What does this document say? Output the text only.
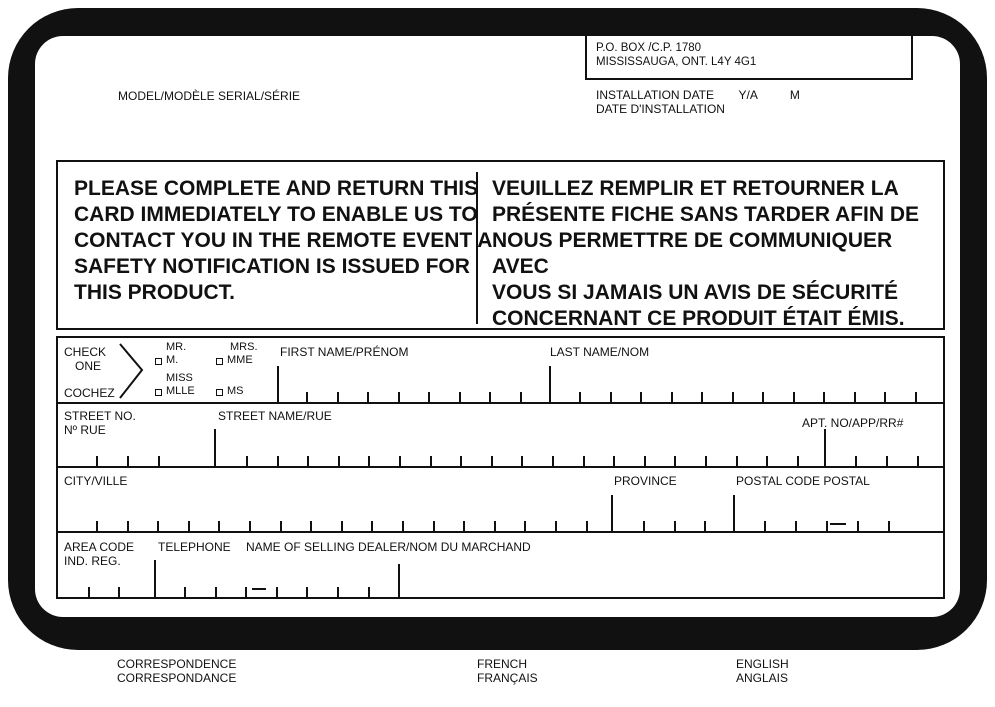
MODEL/MODÈLE SERIAL/SÉRIE
P.O. BOX /C.P. 1780
MISSISSAUGA, ONT. L4Y 4G1
INSTALLATION DATE Y/A	M
DATE D'INSTALLATION
PLEASE COMPLETE AND RETURN THIS
CARD IMMEDIATELY TO ENABLE US TO
CONTACT YOU IN THE REMOTE EVENT A
SAFETY NOTIFICATION IS ISSUED FOR
THIS PRODUCT.
VEUILLEZ REMPLIR ET RETOURNER LA
PRÉSENTE FICHE SANS TARDER AFIN DE
NOUS PERMETTRE DE COMMUNIQUER AVEC
VOUS SI JAMAIS UN AVIS DE SÉCURITÉ
CONCERNANT CE PRODUIT ÉTAIT ÉMIS.
CHECK
ONE
COCHEZ
MR.
M.
MISS
MLLE
MRS.
MME
MS
FIRST NAME/PRÉNOM	LAST NAME/NOM
STREET NO.
Nº RUE
STREET NAME/RUE	APT. NO/APP/RR#
CITY/VILLE	PROVINCE	POSTAL CODE POSTAL
AREA CODE
IND. REG.
TELEPHONE NAME OF SELLING DEALER/NOM DU MARCHAND
CORRESPONDENCE
CORRESPONDANCE
FRENCH
FRANÇAIS
ENGLISH
ANGLAIS
